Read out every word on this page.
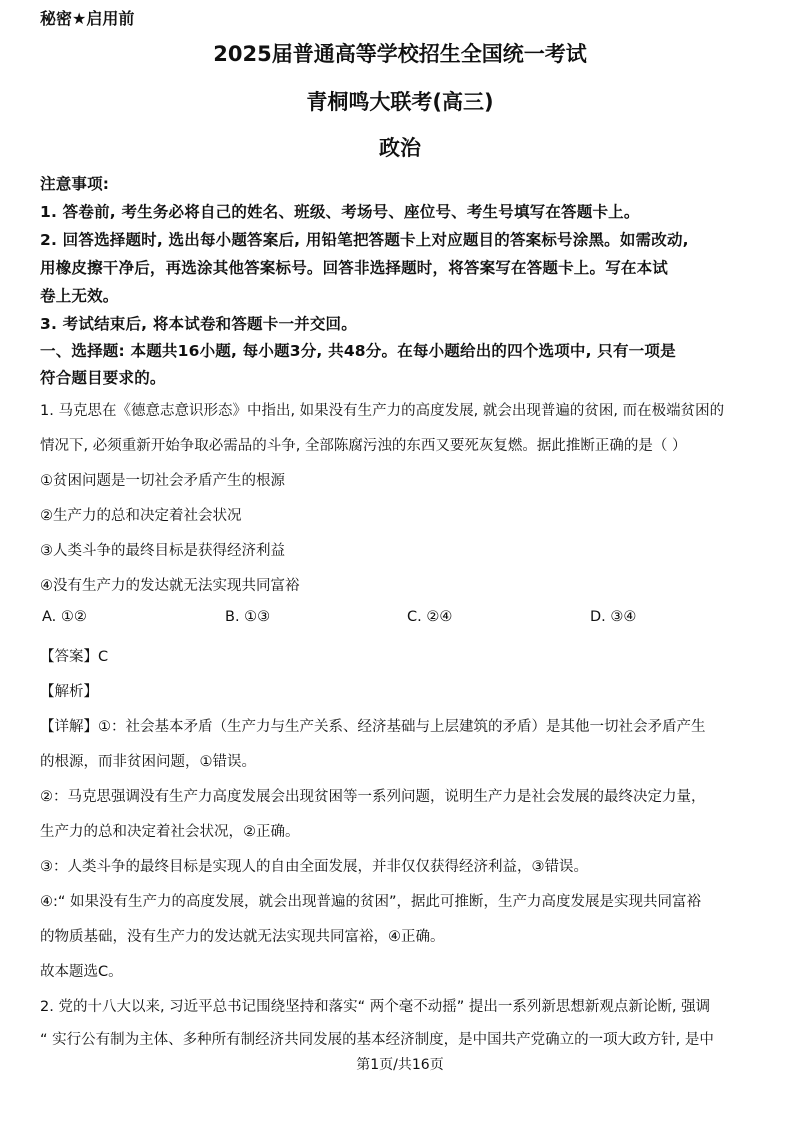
秘密★启用前
2025届普通高等学校招生全国统一考试
青桐鸣大联考(高三)
政治
注意事项:
1. 答卷前, 考生务必将自己的姓名、班级、考场号、座位号、考生号填写在答题卡上。
2. 回答选择题时, 选出每小题答案后, 用铅笔把答题卡上对应题目的答案标号涂黑。如需改动,
用橡皮擦干净后，再选涂其他答案标号。回答非选择题时，将答案写在答题卡上。写在本试
卷上无效。
3. 考试结束后, 将本试卷和答题卡一并交回。
一、选择题: 本题共16小题, 每小题3分, 共48分。在每小题给出的四个选项中, 只有一项是
符合题目要求的。
1. 马克思在《德意志意识形态》中指出, 如果没有生产力的高度发展, 就会出现普遍的贫困, 而在极端贫困的
情况下, 必须重新开始争取必需品的斗争, 全部陈腐污浊的东西又要死灰复燃。据此推断正确的是（ ）
①贫困问题是一切社会矛盾产生的根源
②生产力的总和决定着社会状况
③人类斗争的最终目标是获得经济利益
④没有生产力的发达就无法实现共同富裕
A. ①②	B. ①③	C. ②④	D. ③④
【答案】C
【解析】
【详解】①：社会基本矛盾（生产力与生产关系、经济基础与上层建筑的矛盾）是其他一切社会矛盾产生
的根源，而非贫困问题，①错误。
②：马克思强调没有生产力高度发展会出现贫困等一系列问题，说明生产力是社会发展的最终决定力量，
生产力的总和决定着社会状况，②正确。
③：人类斗争的最终目标是实现人的自由全面发展，并非仅仅获得经济利益，③错误。
④:“ 如果没有生产力的高度发展，就会出现普遍的贫困”，据此可推断，生产力高度发展是实现共同富裕
的物质基础，没有生产力的发达就无法实现共同富裕，④正确。
故本题选C。
2. 党的十八大以来, 习近平总书记围绕坚持和落实“ 两个毫不动摇” 提出一系列新思想新观点新论断, 强调
“ 实行公有制为主体、多种所有制经济共同发展的基本经济制度，是中国共产党确立的一项大政方针, 是中
第1页/共16页
